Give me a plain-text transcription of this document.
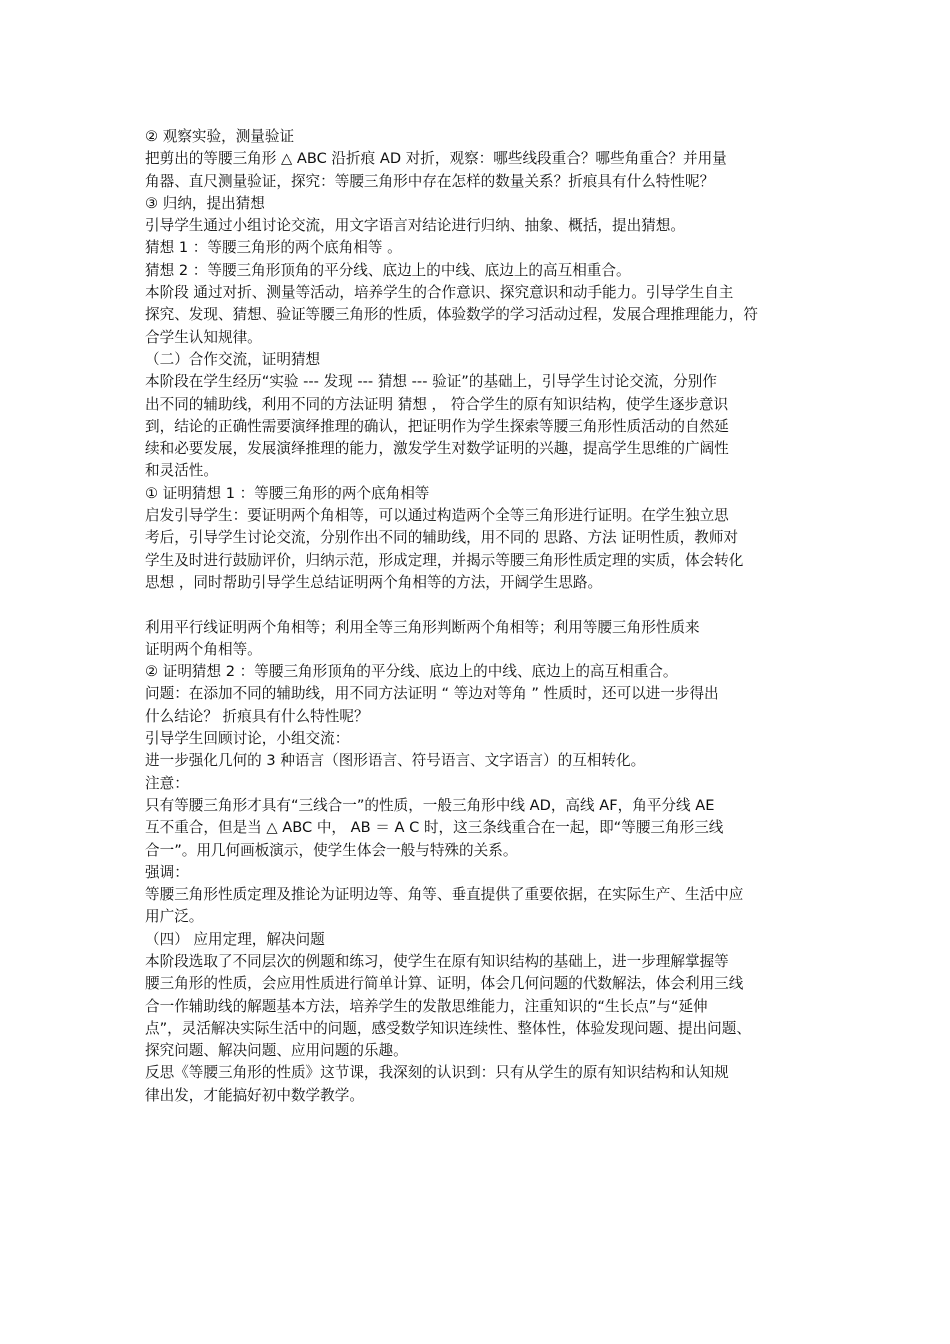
② 观察实验，测量验证
把剪出的等腰三角形 △ ABC 沿折痕 AD 对折，观察：哪些线段重合？哪些角重合？并用量
角器、直尺测量验证，探究：等腰三角形中存在怎样的数量关系？折痕具有什么特性呢？
③ 归纳，提出猜想
引导学生通过小组讨论交流，用文字语言对结论进行归纳、抽象、概括，提出猜想。
猜想 1 ：等腰三角形的两个底角相等 。
猜想 2 ：等腰三角形顶角的平分线、底边上的中线、底边上的高互相重合。
本阶段 通过对折、测量等活动，培养学生的合作意识、探究意识和动手能力。引导学生自主
探究、发现、猜想、验证等腰三角形的性质，体验数学的学习活动过程，发展合理推理能力，符
合学生认知规律。
（二）合作交流，证明猜想
本阶段在学生经历“实验 --- 发现 --- 猜想 --- 验证”的基础上，引导学生讨论交流，分别作
出不同的辅助线，利用不同的方法证明 猜想 ， 符合学生的原有知识结构，使学生逐步意识
到，结论的正确性需要演绎推理的确认，把证明作为学生探索等腰三角形性质活动的自然延
续和必要发展，发展演绎推理的能力，激发学生对数学证明的兴趣，提高学生思维的广阔性
和灵活性。
① 证明猜想 1 ：等腰三角形的两个底角相等
启发引导学生：要证明两个角相等，可以通过构造两个全等三角形进行证明。在学生独立思
考后，引导学生讨论交流，分别作出不同的辅助线，用不同的 思路、方法 证明性质，教师对
学生及时进行鼓励评价，归纳示范，形成定理，并揭示等腰三角形性质定理的实质，体会转化
思想 ，同时帮助引导学生总结证明两个角相等的方法，开阔学生思路。
利用平行线证明两个角相等；利用全等三角形判断两个角相等；利用等腰三角形性质来
证明两个角相等。
② 证明猜想 2 ：等腰三角形顶角的平分线、底边上的中线、底边上的高互相重合。
问题：在添加不同的辅助线，用不同方法证明 “ 等边对等角 ” 性质时，还可以进一步得出
什么结论？ 折痕具有什么特性呢？
引导学生回顾讨论，小组交流：
进一步强化几何的 3 种语言（图形语言、符号语言、文字语言）的互相转化。
注意：
只有等腰三角形才具有“三线合一”的性质，一般三角形中线 AD，高线 AF，角平分线 AE
互不重合，但是当 △ ABC 中， AB ＝ A C 时，这三条线重合在一起，即“等腰三角形三线
合一”。用几何画板演示，使学生体会一般与特殊的关系。
强调：
等腰三角形性质定理及推论为证明边等、角等、垂直提供了重要依据，在实际生产、生活中应
用广泛。
（四） 应用定理，解决问题
本阶段选取了不同层次的例题和练习，使学生在原有知识结构的基础上，进一步理解掌握等
腰三角形的性质，会应用性质进行简单计算、证明，体会几何问题的代数解法，体会利用三线
合一作辅助线的解题基本方法，培养学生的发散思维能力，注重知识的“生长点”与“延伸
点”，灵活解决实际生活中的问题，感受数学知识连续性、整体性，体验发现问题、提出问题、
探究问题、解决问题、应用问题的乐趣。
反思《等腰三角形的性质》这节课，我深刻的认识到：只有从学生的原有知识结构和认知规
律出发，才能搞好初中数学教学。
